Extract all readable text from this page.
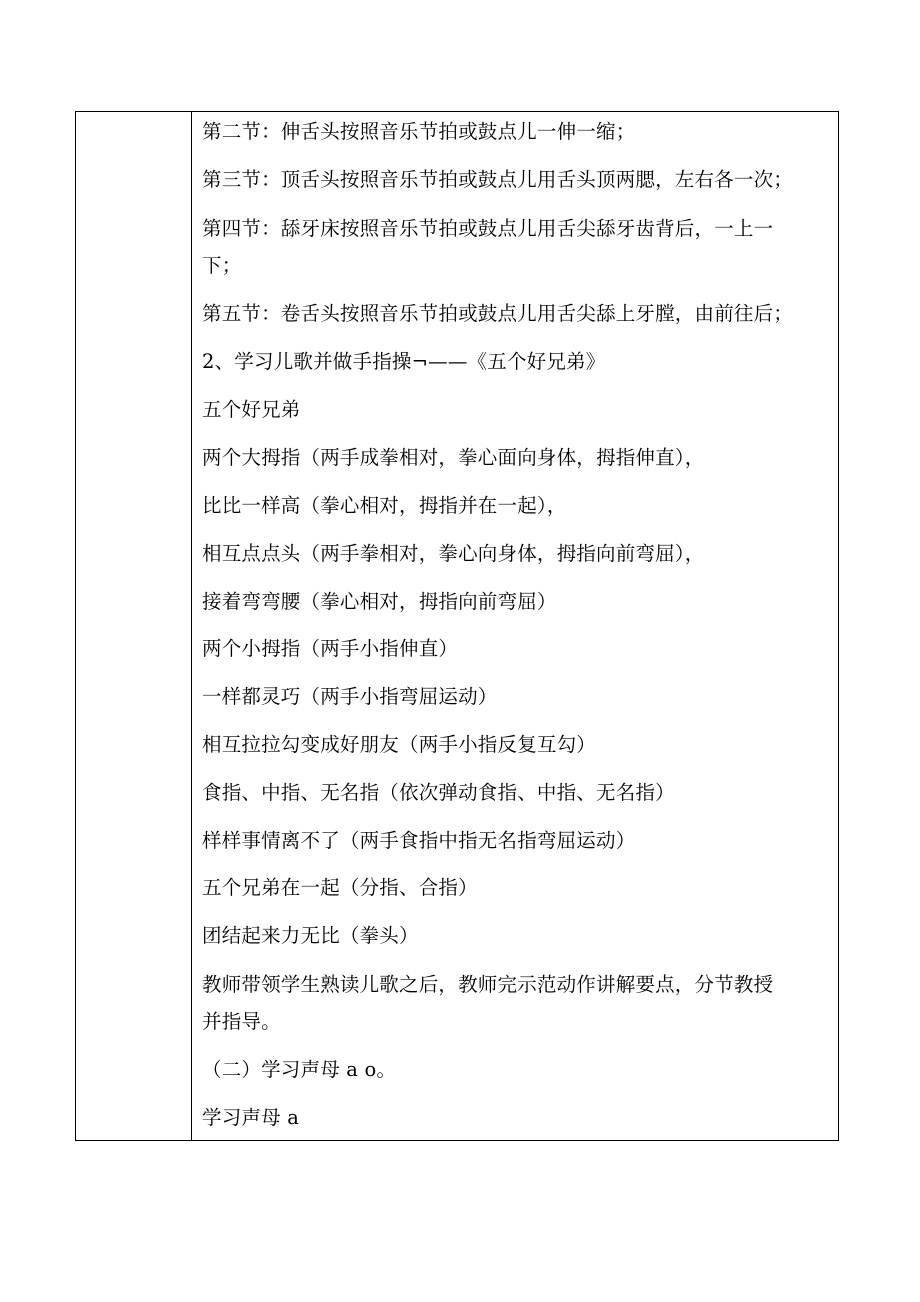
第二节：伸舌头按照音乐节拍或鼓点儿一伸一缩；
第三节：顶舌头按照音乐节拍或鼓点儿用舌头顶两腮，左右各一次；
第四节：舔牙床按照音乐节拍或鼓点儿用舌尖舔牙齿背后，一上一
下；
第五节：卷舌头按照音乐节拍或鼓点儿用舌尖舔上牙膛，由前往后；
2、学习儿歌并做手指操¬——《五个好兄弟》
五个好兄弟
两个大拇指（两手成拳相对，拳心面向身体，拇指伸直），
比比一样高（拳心相对，拇指并在一起），
相互点点头（两手拳相对，拳心向身体，拇指向前弯屈），
接着弯弯腰（拳心相对，拇指向前弯屈）
两个小拇指（两手小指伸直）
一样都灵巧（两手小指弯屈运动）
相互拉拉勾变成好朋友（两手小指反复互勾）
食指、中指、无名指（依次弹动食指、中指、无名指）
样样事情离不了（两手食指中指无名指弯屈运动）
五个兄弟在一起（分指、合指）
团结起来力无比（拳头）
教师带领学生熟读儿歌之后，教师完示范动作讲解要点，分节教授
并指导。
（二）学习声母 a o。
学习声母 a
